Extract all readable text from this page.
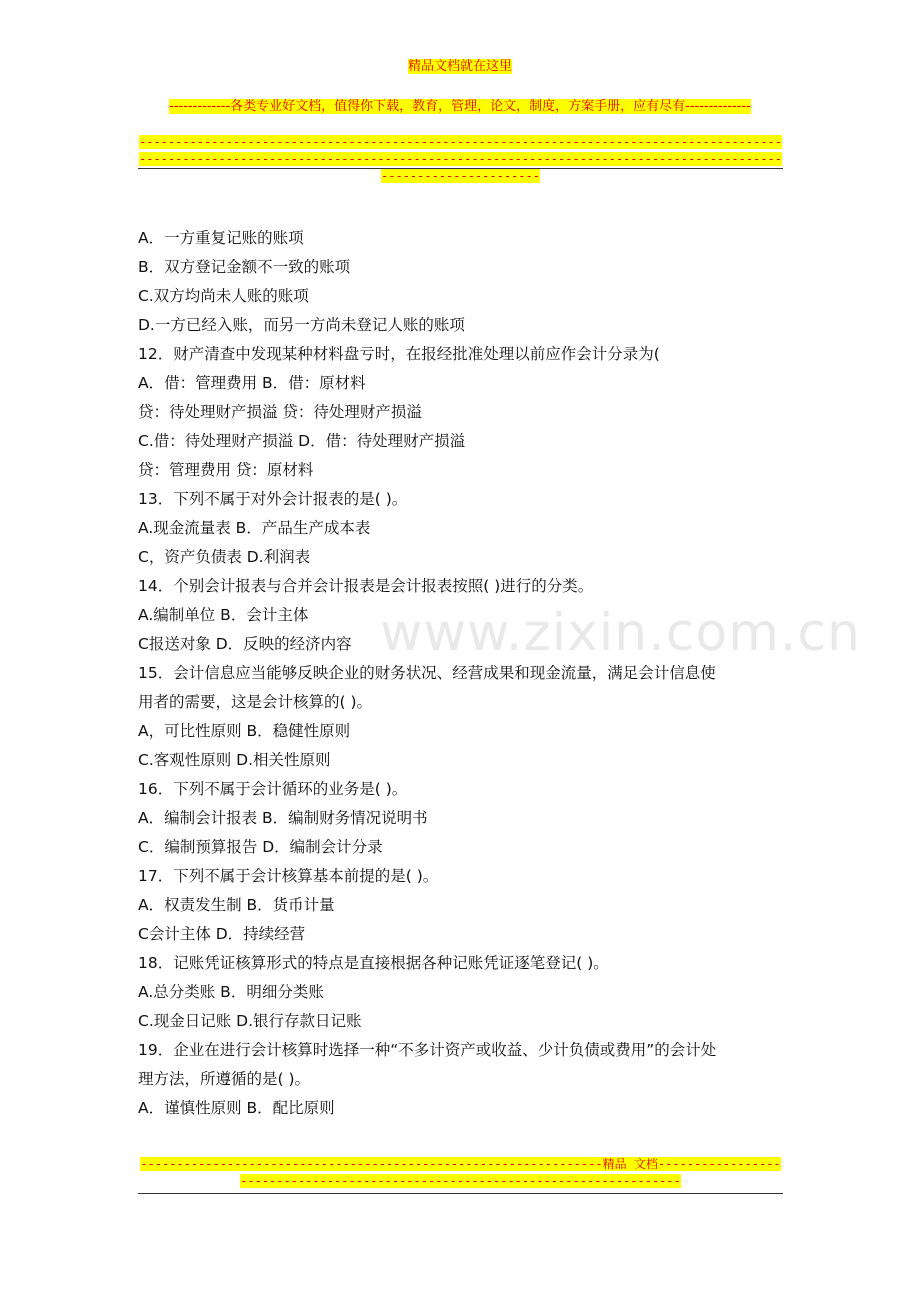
精品文档就在这里
-------------各类专业好文档，值得你下载，教育，管理，论文，制度，方案手册，应有尽有--------------
--------------------------------------------------------------------------------------------------------------------------------------------------------------------------------------------------------
www.zixin.com.cn
A．一方重复记账的账项
B．双方登记金额不一致的账项
C.双方均尚未人账的账项
D.一方已经入账，而另一方尚未登记人账的账项
12．财产清查中发现某种材料盘亏时，在报经批准处理以前应作会计分录为(
A．借：管理费用 B．借：原材料
贷：待处理财产损溢 贷：待处理财产损溢
C.借：待处理财产损溢 D．借：待处理财产损溢
贷：管理费用 贷：原材料
13．下列不属于对外会计报表的是( )。
A.现金流量表 B．产品生产成本表
C，资产负债表 D.利润表
14．个别会计报表与合并会计报表是会计报表按照( )进行的分类。
A.编制单位 B．会计主体
C报送对象 D．反映的经济内容
15．会计信息应当能够反映企业的财务状况、经营成果和现金流量，满足会计信息使
用者的需要，这是会计核算的( )。
A，可比性原则 B．稳健性原则
C.客观性原则 D.相关性原则
16．下列不属于会计循环的业务是( )。
A．编制会计报表 B．编制财务情况说明书
C．编制预算报告 D．编制会计分录
17．下列不属于会计核算基本前提的是( )。
A．权责发生制 B．货币计量
C会计主体 D．持续经营
18．记账凭证核算形式的特点是直接根据各种记账凭证逐笔登记( )。
A.总分类账 B．明细分类账
C.现金日记账 D.银行存款日记账
19．企业在进行会计核算时选择一种“不多计资产或收益、少计负债或费用”的会计处
理方法，所遵循的是( )。
A．谨慎性原则 B．配比原则
----------------------------------------------------------------精品 文档------------------------------------------------------------------------------
